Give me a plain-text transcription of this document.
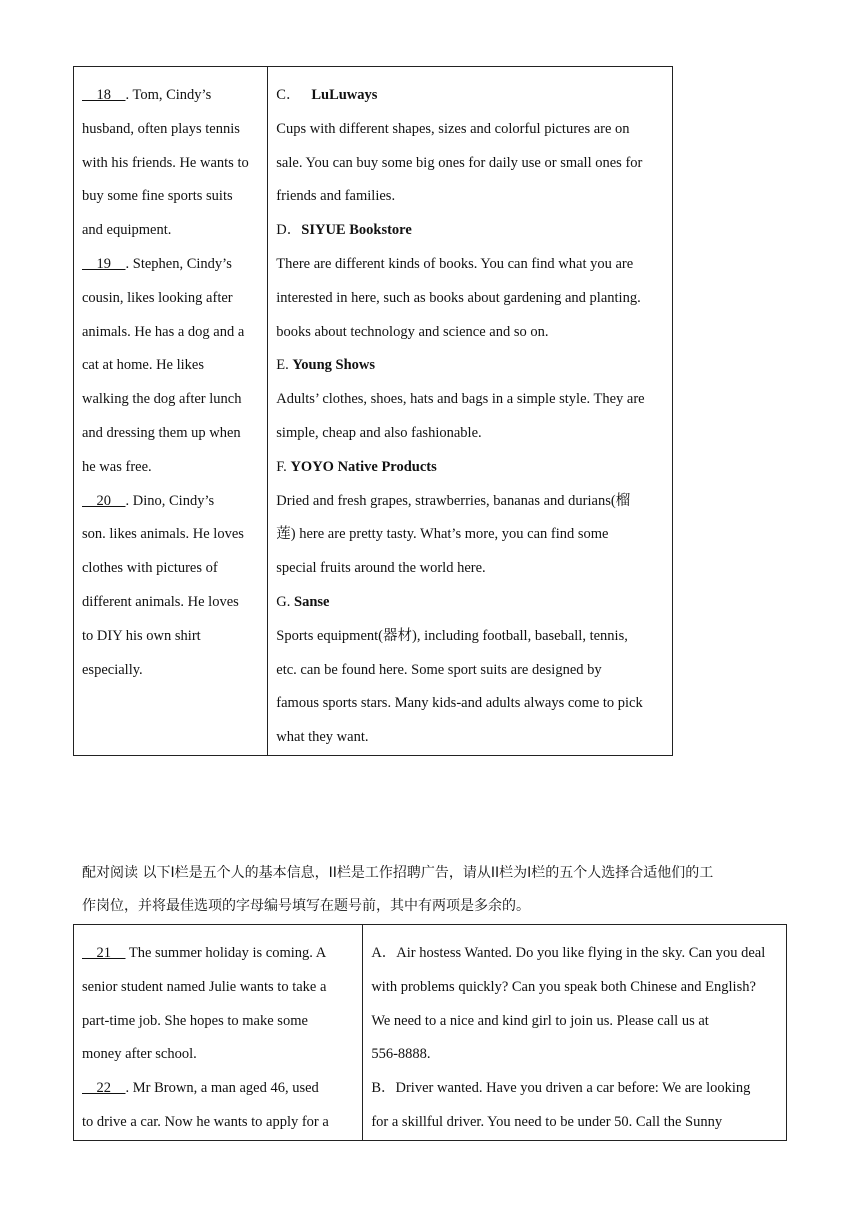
18 . Tom, Cindy’s
husband, often plays tennis
with his friends. He wants to
buy some fine sports suits
and equipment.
19 . Stephen, Cindy’s
cousin, likes looking after
animals. He has a dog and a
cat at home. He likes
walking the dog after lunch
and dressing them up when
he was free.
20 . Dino, Cindy’s
son. likes animals. He loves
clothes with pictures of
different animals. He loves
to DIY his own shirt
especially.

C． LuLuways
Cups with different shapes, sizes and colorful pictures are on
sale. You can buy some big ones for daily use or small ones for
friends and families.
D．SIYUE Bookstore
There are different kinds of books. You can find what you are
interested in here, such as books about gardening and planting.
books about technology and science and so on.
E. Young Shows
Adults’ clothes, shoes, hats and bags in a simple style. They are
simple, cheap and also fashionable.
F. YOYO Native Products
Dried and fresh grapes, strawberries, bananas and durians(榴
莲) here are pretty tasty. What’s more, you can find some
special fruits around the world here.
G. Sanse
Sports equipment(器材), including football, baseball, tennis,
etc. can be found here. Some sport suits are designed by
famous sports stars. Many kids-and adults always come to pick
what they want.
配对阅读 以下I栏是五个人的基本信息，II栏是工作招聘广告，请从II栏为I栏的五个人选择合适他们的工
作岗位，并将最佳选项的字母编号填写在题号前，其中有两项是多余的。
21     The summer holiday is coming. A
senior student named Julie wants to take a
part-time job. She hopes to make some
money after school.
22 . Mr Brown, a man aged 46, used
to drive a car. Now he wants to apply for a

A．Air hostess Wanted. Do you like flying in the sky. Can you deal
with problems quickly? Can you speak both Chinese and English?
We need to a nice and kind girl to join us. Please call us at
556-8888.
B．Driver wanted. Have you driven a car before: We are looking
for a skillful driver. You need to be under 50. Call the Sunny
